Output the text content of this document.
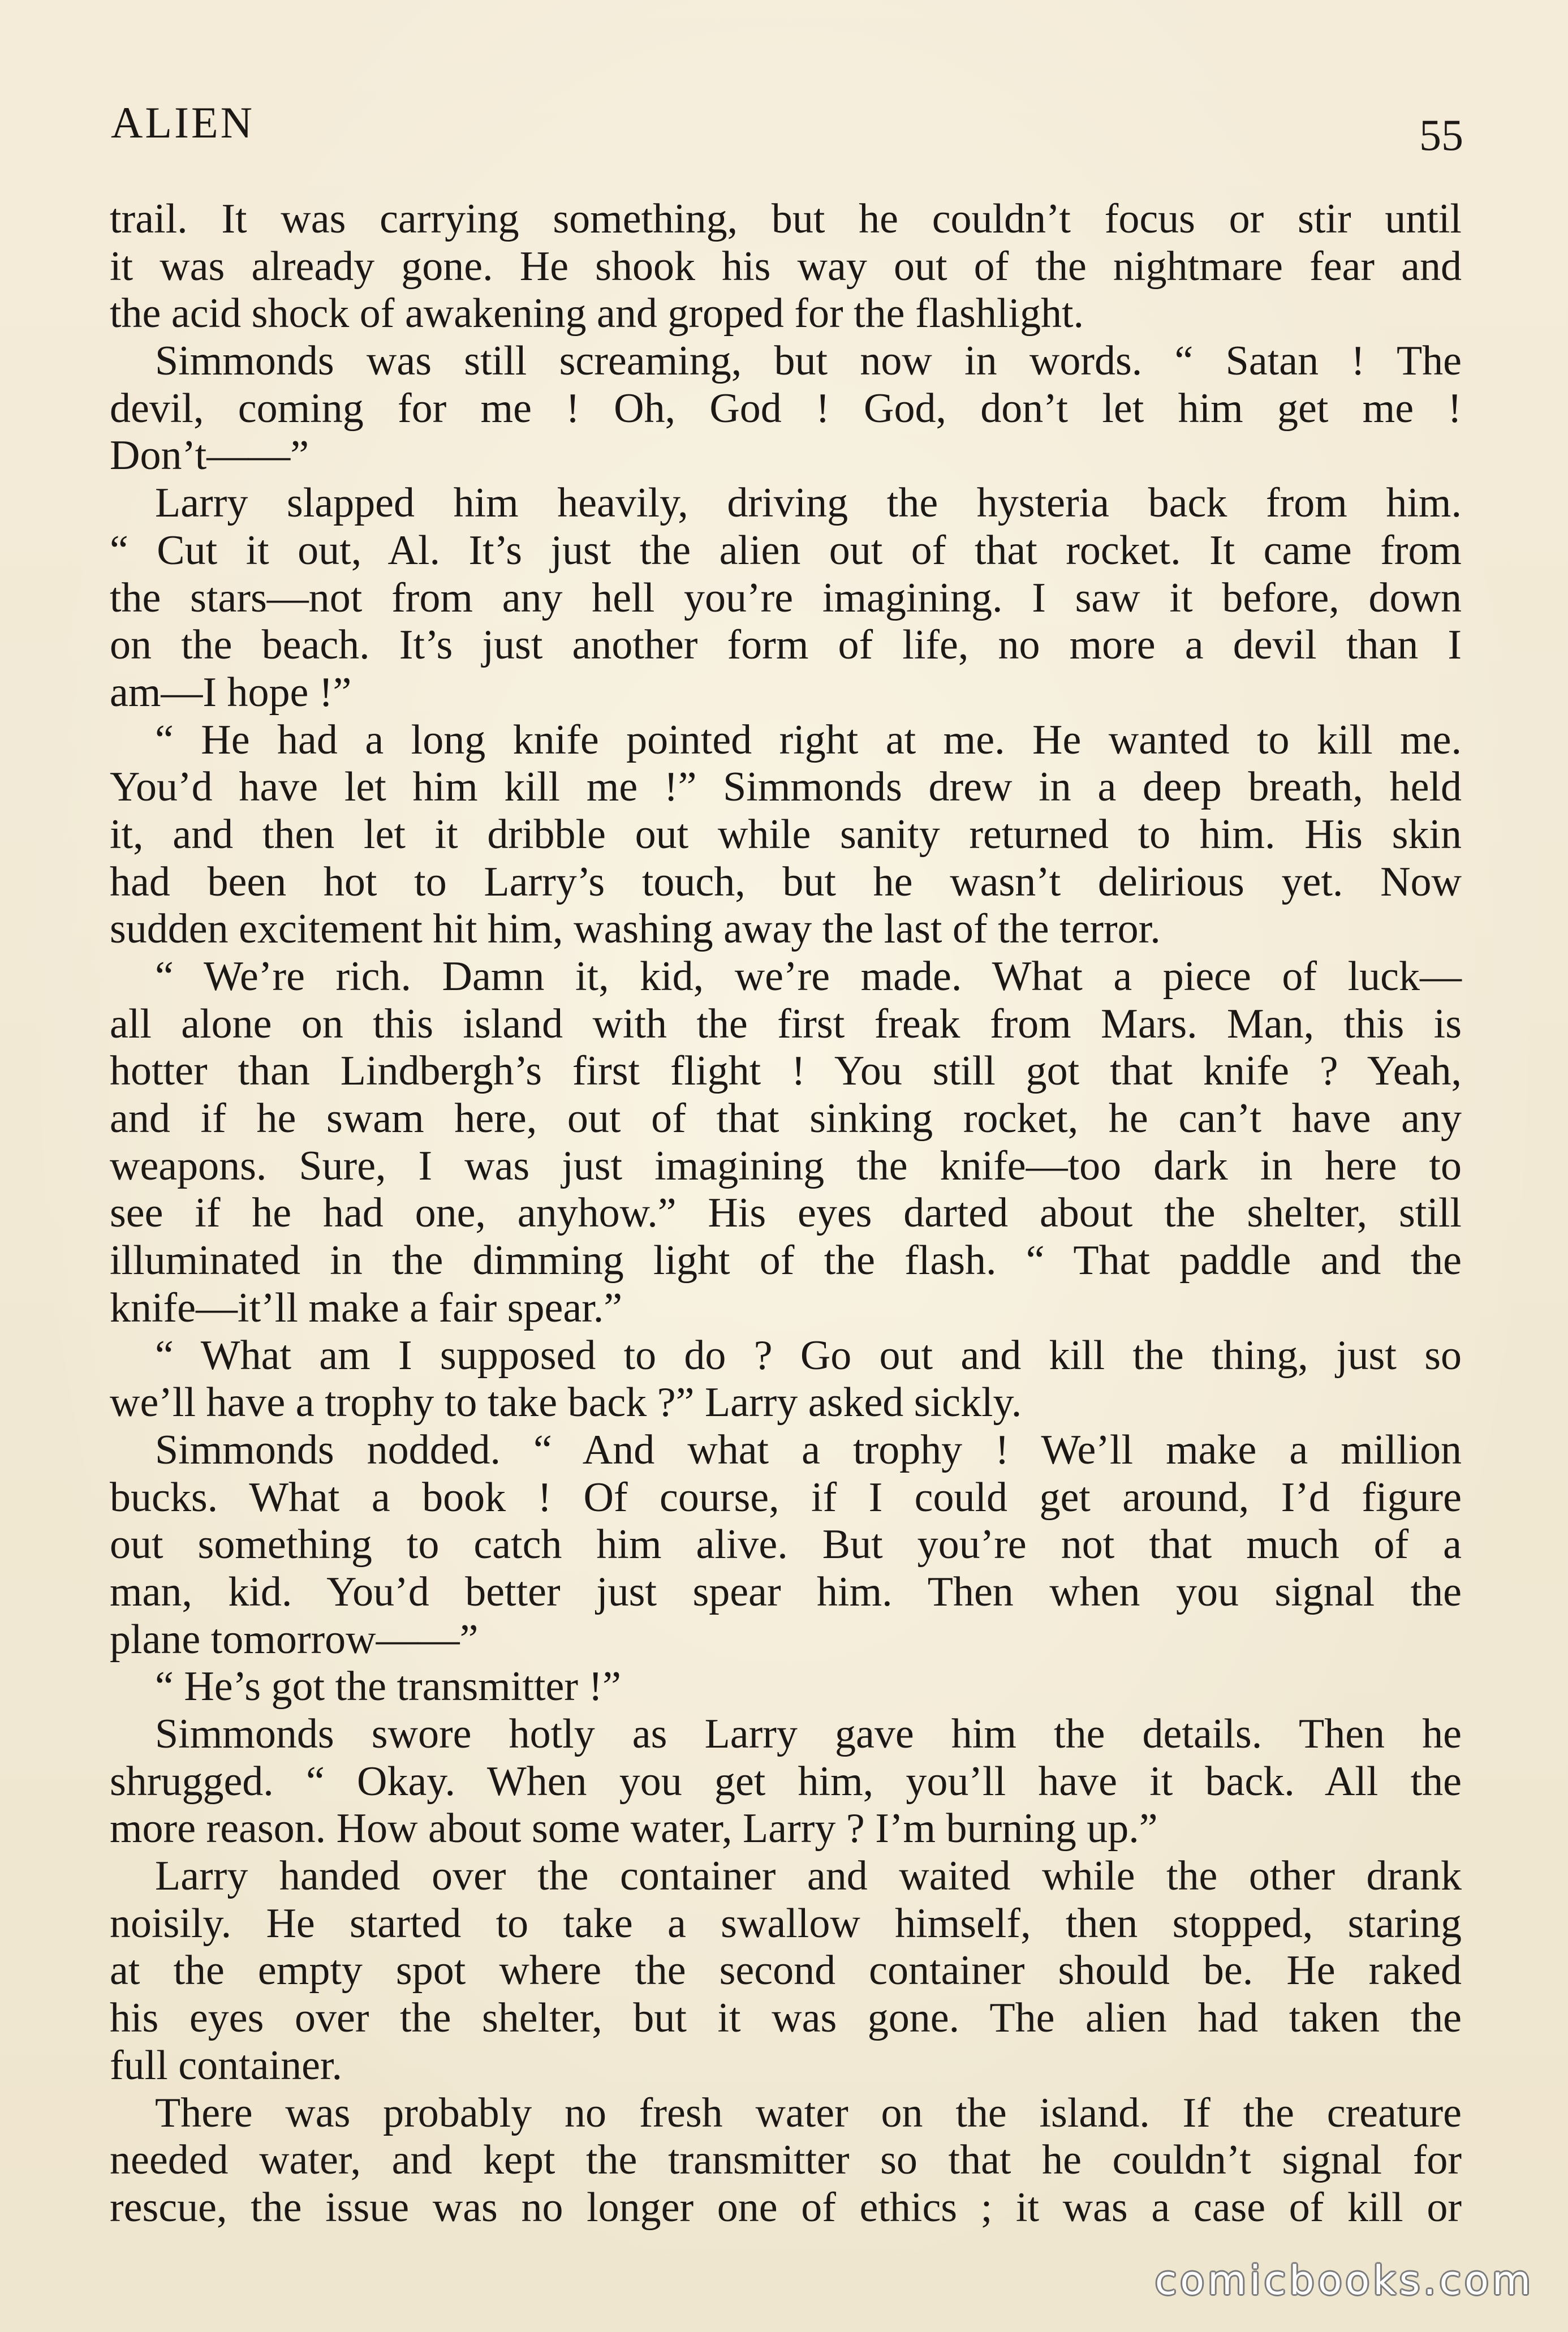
ALIEN	55
trail. It was carrying something, but he couldn’t focus or stir until
it was already gone. He shook his way out of the nightmare fear and
the acid shock of awakening and groped for the flashlight.
Simmonds was still screaming, but now in words. “ Satan ! The
devil, coming for me ! Oh, God ! God, don’t let him get me !
Don’t——”
Larry slapped him heavily, driving the hysteria back from him.
“ Cut it out, Al. It’s just the alien out of that rocket. It came from
the stars—not from any hell you’re imagining. I saw it before, down
on the beach. It’s just another form of life, no more a devil than I
am—I hope !”
“ He had a long knife pointed right at me. He wanted to kill me.
You’d have let him kill me !” Simmonds drew in a deep breath, held
it, and then let it dribble out while sanity returned to him. His skin
had been hot to Larry’s touch, but he wasn’t delirious yet. Now
sudden excitement hit him, washing away the last of the terror.
“ We’re rich. Damn it, kid, we’re made. What a piece of luck—
all alone on this island with the first freak from Mars. Man, this is
hotter than Lindbergh’s first flight ! You still got that knife ? Yeah,
and if he swam here, out of that sinking rocket, he can’t have any
weapons. Sure, I was just imagining the knife—too dark in here to
see if he had one, anyhow.” His eyes darted about the shelter, still
illuminated in the dimming light of the flash. “ That paddle and the
knife—it’ll make a fair spear.”
“ What am I supposed to do ? Go out and kill the thing, just so
we’ll have a trophy to take back ?” Larry asked sickly.
Simmonds nodded. “ And what a trophy ! We’ll make a million
bucks. What a book ! Of course, if I could get around, I’d figure
out something to catch him alive. But you’re not that much of a
man, kid. You’d better just spear him. Then when you signal the
plane tomorrow——”
“ He’s got the transmitter !”
Simmonds swore hotly as Larry gave him the details. Then he
shrugged. “ Okay. When you get him, you’ll have it back. All the
more reason. How about some water, Larry ? I’m burning up.”
Larry handed over the container and waited while the other drank
noisily. He started to take a swallow himself, then stopped, staring
at the empty spot where the second container should be. He raked
his eyes over the shelter, but it was gone. The alien had taken the
full container.
There was probably no fresh water on the island. If the creature
needed water, and kept the transmitter so that he couldn’t signal for
rescue, the issue was no longer one of ethics ; it was a case of kill or
comicbooks.com
